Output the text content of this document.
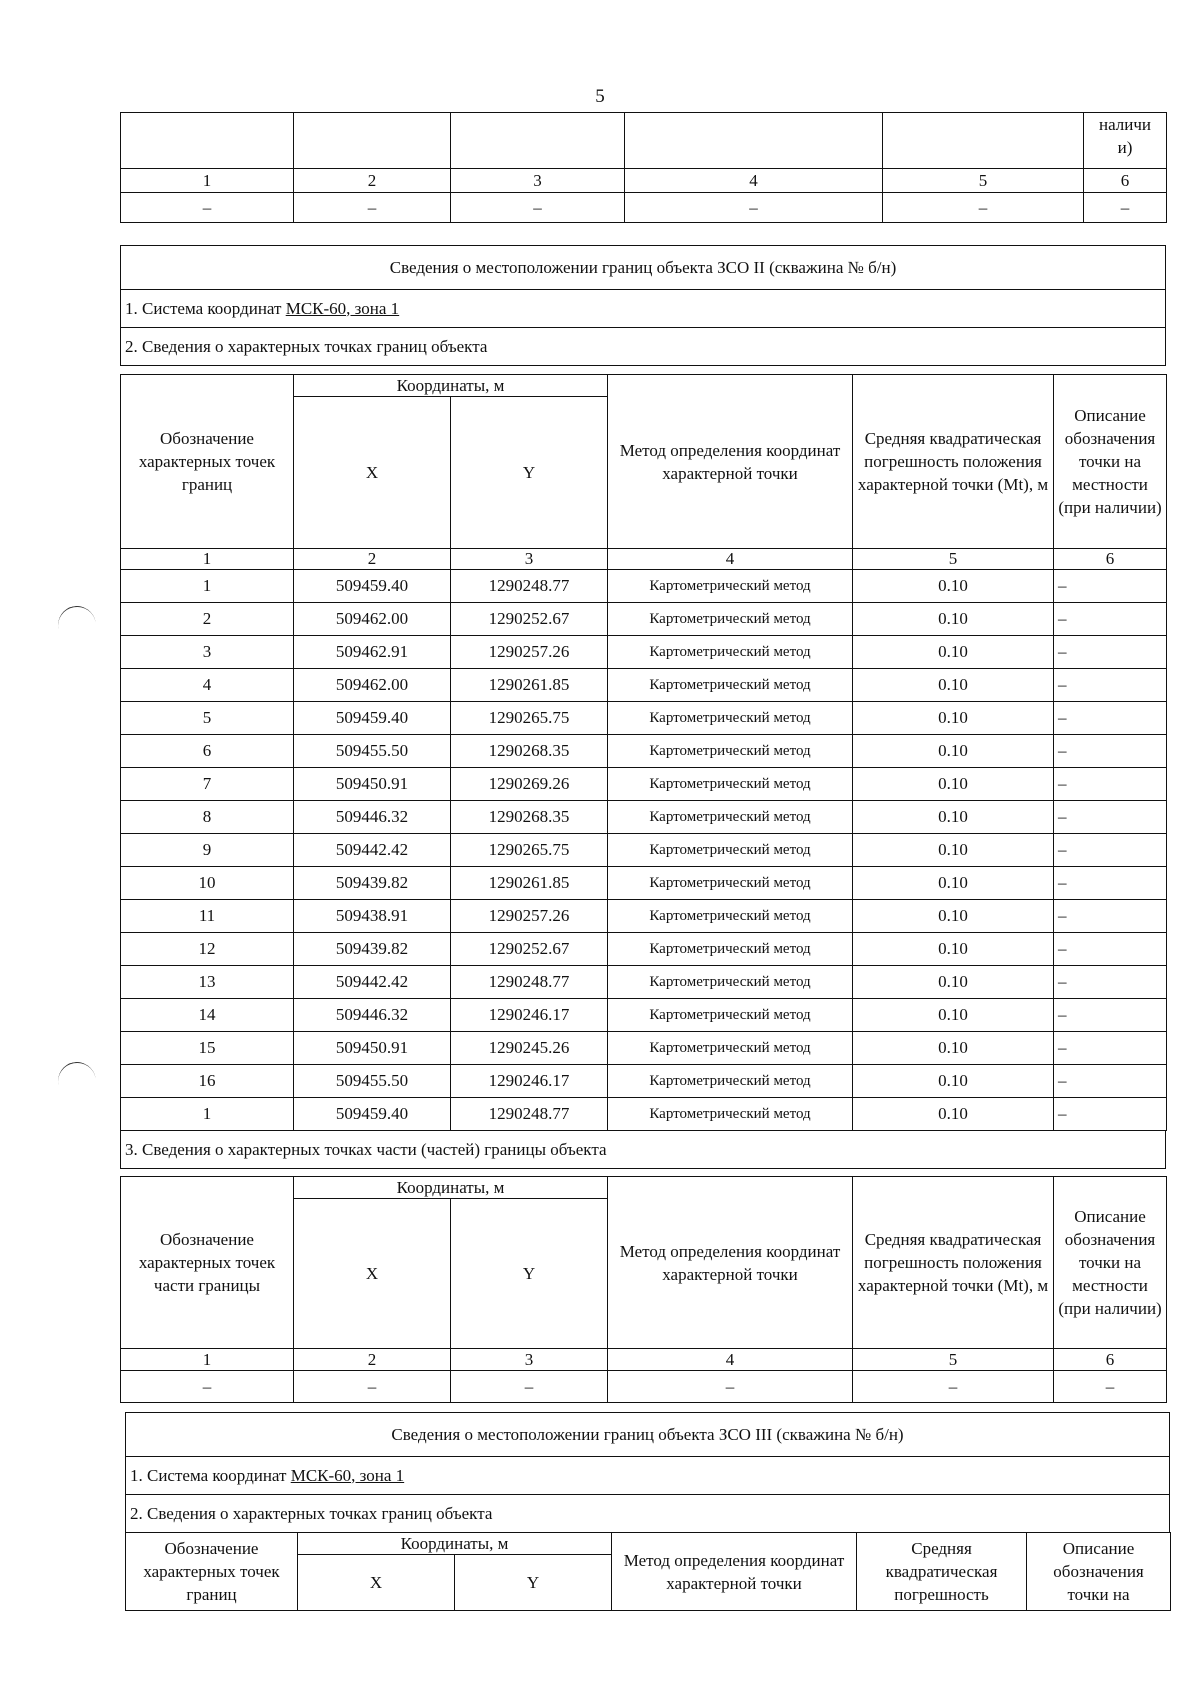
5
					наличи
и)
1	2	3	4	5	6
–	–	–	–	–	–
Сведения о местоположении границ объекта ЗСО II (скважина № б/н)
1. Система координат МСК-60, зона 1
2. Сведения о характерных точках границ объекта
Обозначение характерных точек границ	Координаты, м		Метод определения координат характерной точки	Средняя квадратическая погрешность положения характерной точки (Mt), м	Описание обозначения точки на местности (при наличии)
	X	Y			
1	2	3	4	5	6
1	509459.40	1290248.77	Картометрический метод	0.10	–
2	509462.00	1290252.67	Картометрический метод	0.10	–
3	509462.91	1290257.26	Картометрический метод	0.10	–
4	509462.00	1290261.85	Картометрический метод	0.10	–
5	509459.40	1290265.75	Картометрический метод	0.10	–
6	509455.50	1290268.35	Картометрический метод	0.10	–
7	509450.91	1290269.26	Картометрический метод	0.10	–
8	509446.32	1290268.35	Картометрический метод	0.10	–
9	509442.42	1290265.75	Картометрический метод	0.10	–
10	509439.82	1290261.85	Картометрический метод	0.10	–
11	509438.91	1290257.26	Картометрический метод	0.10	–
12	509439.82	1290252.67	Картометрический метод	0.10	–
13	509442.42	1290248.77	Картометрический метод	0.10	–
14	509446.32	1290246.17	Картометрический метод	0.10	–
15	509450.91	1290245.26	Картометрический метод	0.10	–
16	509455.50	1290246.17	Картометрический метод	0.10	–
1	509459.40	1290248.77	Картометрический метод	0.10	–
3. Сведения о характерных точках части (частей) границы объекта
Обозначение характерных точек части границы	Координаты, м		Метод определения координат характерной точки	Средняя квадратическая погрешность положения характерной точки (Mt), м	Описание обозначения точки на местности (при наличии)
	X	Y			
1	2	3	4	5	6
–	–	–	–	–	–
Сведения о местоположении границ объекта ЗСО III (скважина № б/н)
1. Система координат МСК-60, зона 1
2. Сведения о характерных точках границ объекта
Обозначение характерных точек границ	Координаты, м		Метод определения координат характерной точки	Средняя квадратическая погрешность	Описание обозначения точки на
	X	Y			
